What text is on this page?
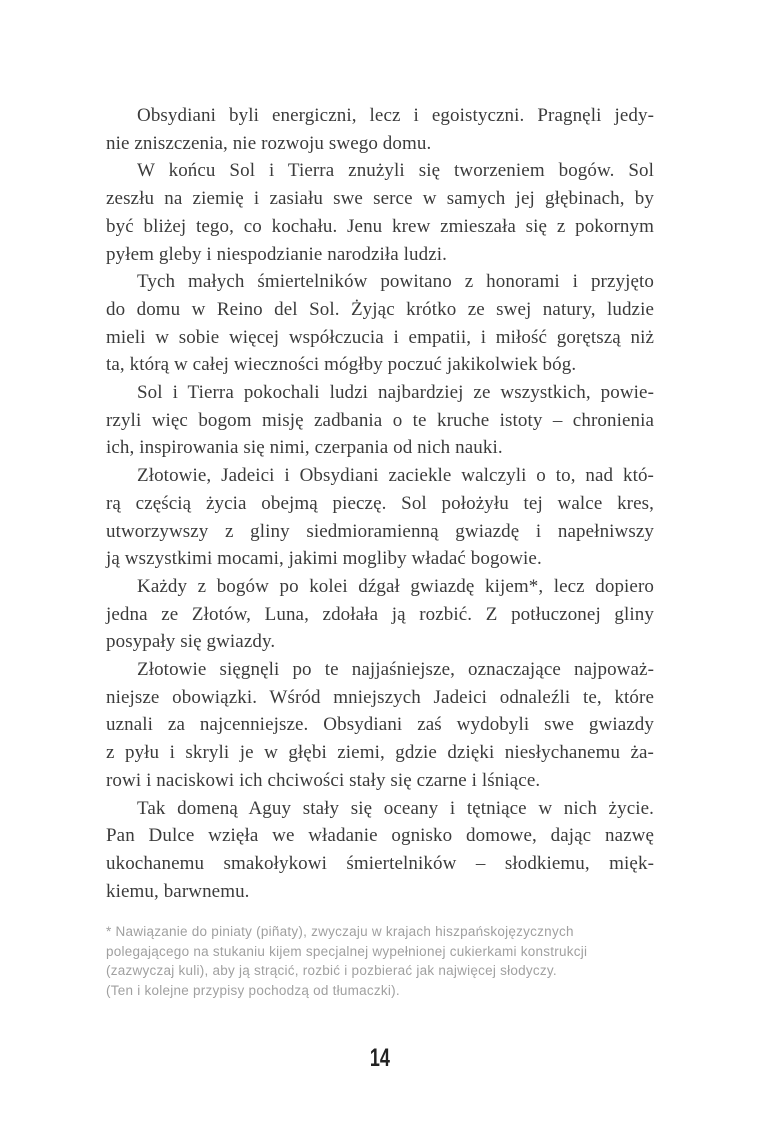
Obsydiani byli energiczni, lecz i egoistyczni. Pragnęli jedy-
nie zniszczenia, nie rozwoju swego domu.
W końcu Sol i Tierra znużyli się tworzeniem bogów. Sol
zeszłu na ziemię i zasiału swe serce w samych jej głębinach, by
być bliżej tego, co kochału. Jenu krew zmieszała się z pokornym
pyłem gleby i niespodzianie narodziła ludzi.
Tych małych śmiertelników powitano z honorami i przyjęto
do domu w Reino del Sol. Żyjąc krótko ze swej natury, ludzie
mieli w sobie więcej współczucia i empatii, i miłość gorętszą niż
ta, którą w całej wieczności mógłby poczuć jakikolwiek bóg.
Sol i Tierra pokochali ludzi najbardziej ze wszystkich, powie-
rzyli więc bogom misję zadbania o te kruche istoty – chronienia
ich, inspirowania się nimi, czerpania od nich nauki.
Złotowie, Jadeici i Obsydiani zaciekle walczyli o to, nad któ-
rą częścią życia obejmą pieczę. Sol położyłu tej walce kres,
utworzywszy z gliny siedmioramienną gwiazdę i napełniwszy
ją wszystkimi mocami, jakimi mogliby władać bogowie.
Każdy z bogów po kolei dźgał gwiazdę kijem*, lecz dopiero
jedna ze Złotów, Luna, zdołała ją rozbić. Z potłuczonej gliny
posypały się gwiazdy.
Złotowie sięgnęli po te najjaśniejsze, oznaczające najpoważ-
niejsze obowiązki. Wśród mniejszych Jadeici odnaleźli te, które
uznali za najcenniejsze. Obsydiani zaś wydobyli swe gwiazdy
z pyłu i skryli je w głębi ziemi, gdzie dzięki niesłychanemu ża-
rowi i naciskowi ich chciwości stały się czarne i lśniące.
Tak domeną Aguy stały się oceany i tętniące w nich życie.
Pan Dulce wzięła we władanie ognisko domowe, dając nazwę
ukochanemu smakołykowi śmiertelników – słodkiemu, mięk-
kiemu, barwnemu.
* Nawiązanie do piniaty (piñaty), zwyczaju w krajach hiszpańskojęzycznych
polegającego na stukaniu kijem specjalnej wypełnionej cukierkami konstrukcji
(zazwyczaj kuli), aby ją strącić, rozbić i pozbierać jak najwięcej słodyczy.
(Ten i kolejne przypisy pochodzą od tłumaczki).
14
